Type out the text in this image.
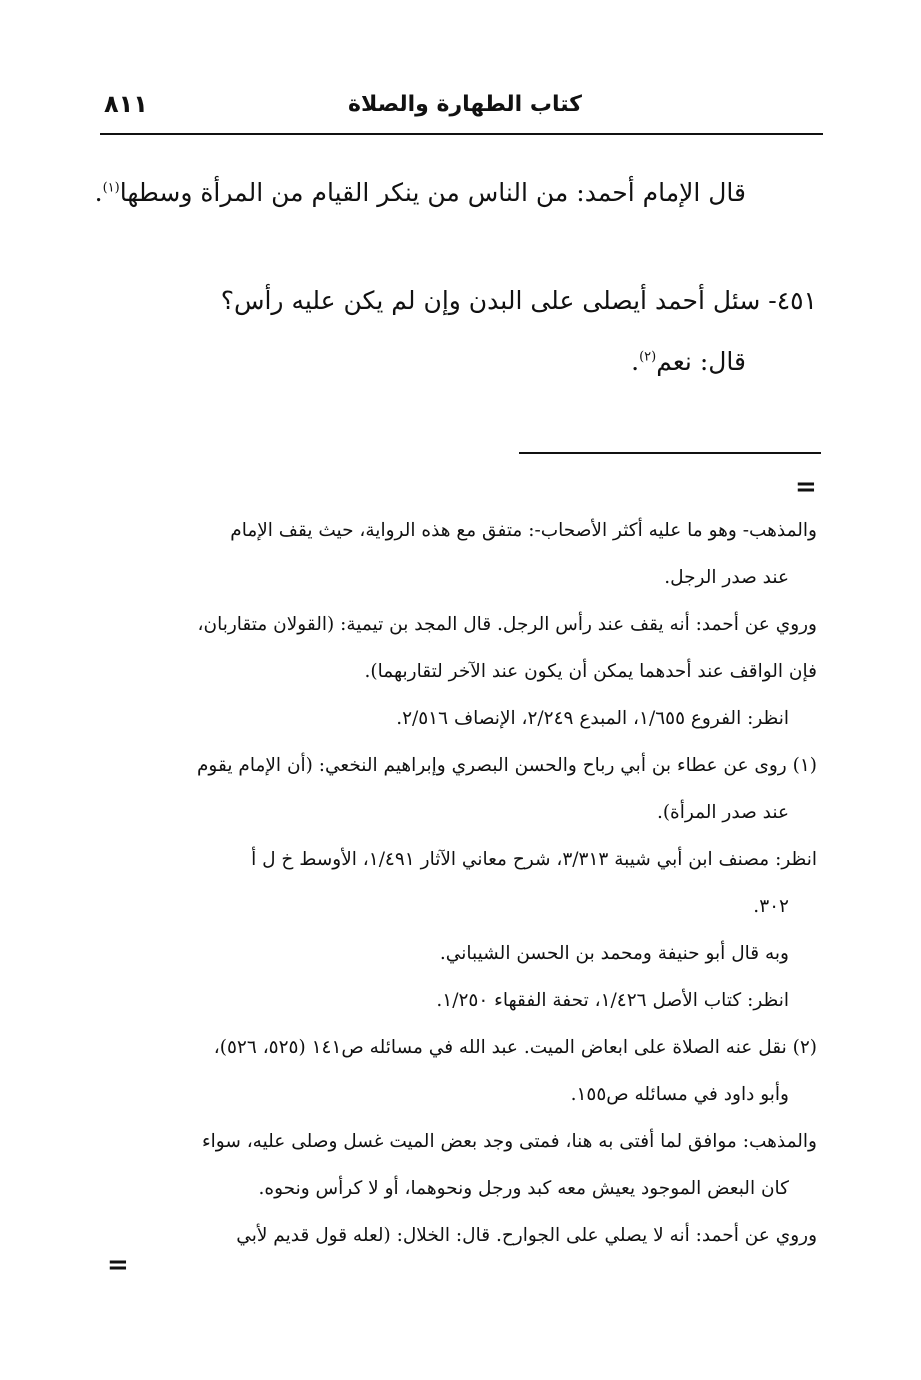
٨١١	كتاب الطهارة والصلاة
قال الإمام أحمد: من الناس من ينكر القيام من المرأة وسطها$^{(١)}$.
٤٥١- سئل أحمد أيصلى على البدن وإن لم يكن عليه رأس؟
قال: نعم$^{(٢)}$.
=
والمذهب- وهو ما عليه أكثر الأصحاب-: متفق مع هذه الرواية، حيث يقف الإمام
عند صدر الرجل.
وروي عن أحمد: أنه يقف عند رأس الرجل. قال المجد بن تيمية: (القولان متقاربان،
فإن الواقف عند أحدهما يمكن أن يكون عند الآخر لتقاربهما).
انظر: الفروع ١/٦٥٥، المبدع ٢/٢٤٩، الإنصاف ٢/٥١٦.
(١) روى عن عطاء بن أبي رباح والحسن البصري وإبراهيم النخعي: (أن الإمام يقوم
عند صدر المرأة).
انظر: مصنف ابن أبي شيبة ٣/٣١٣، شرح معاني الآثار ١/٤٩١، الأوسط خ ل أ
٣٠٢.
وبه قال أبو حنيفة ومحمد بن الحسن الشيباني.
انظر: كتاب الأصل ١/٤٢٦، تحفة الفقهاء ١/٢٥٠.
(٢) نقل عنه الصلاة على ابعاض الميت. عبد الله في مسائله ص١٤١ (٥٢٥، ٥٢٦)،
وأبو داود في مسائله ص١٥٥.
والمذهب: موافق لما أفتى به هنا، فمتى وجد بعض الميت غسل وصلى عليه، سواء
كان البعض الموجود يعيش معه كبد ورجل ونحوهما، أو لا كرأس ونحوه.
وروي عن أحمد: أنه لا يصلي على الجوارح. قال: الخلال: (لعله قول قديم لأبي
=
